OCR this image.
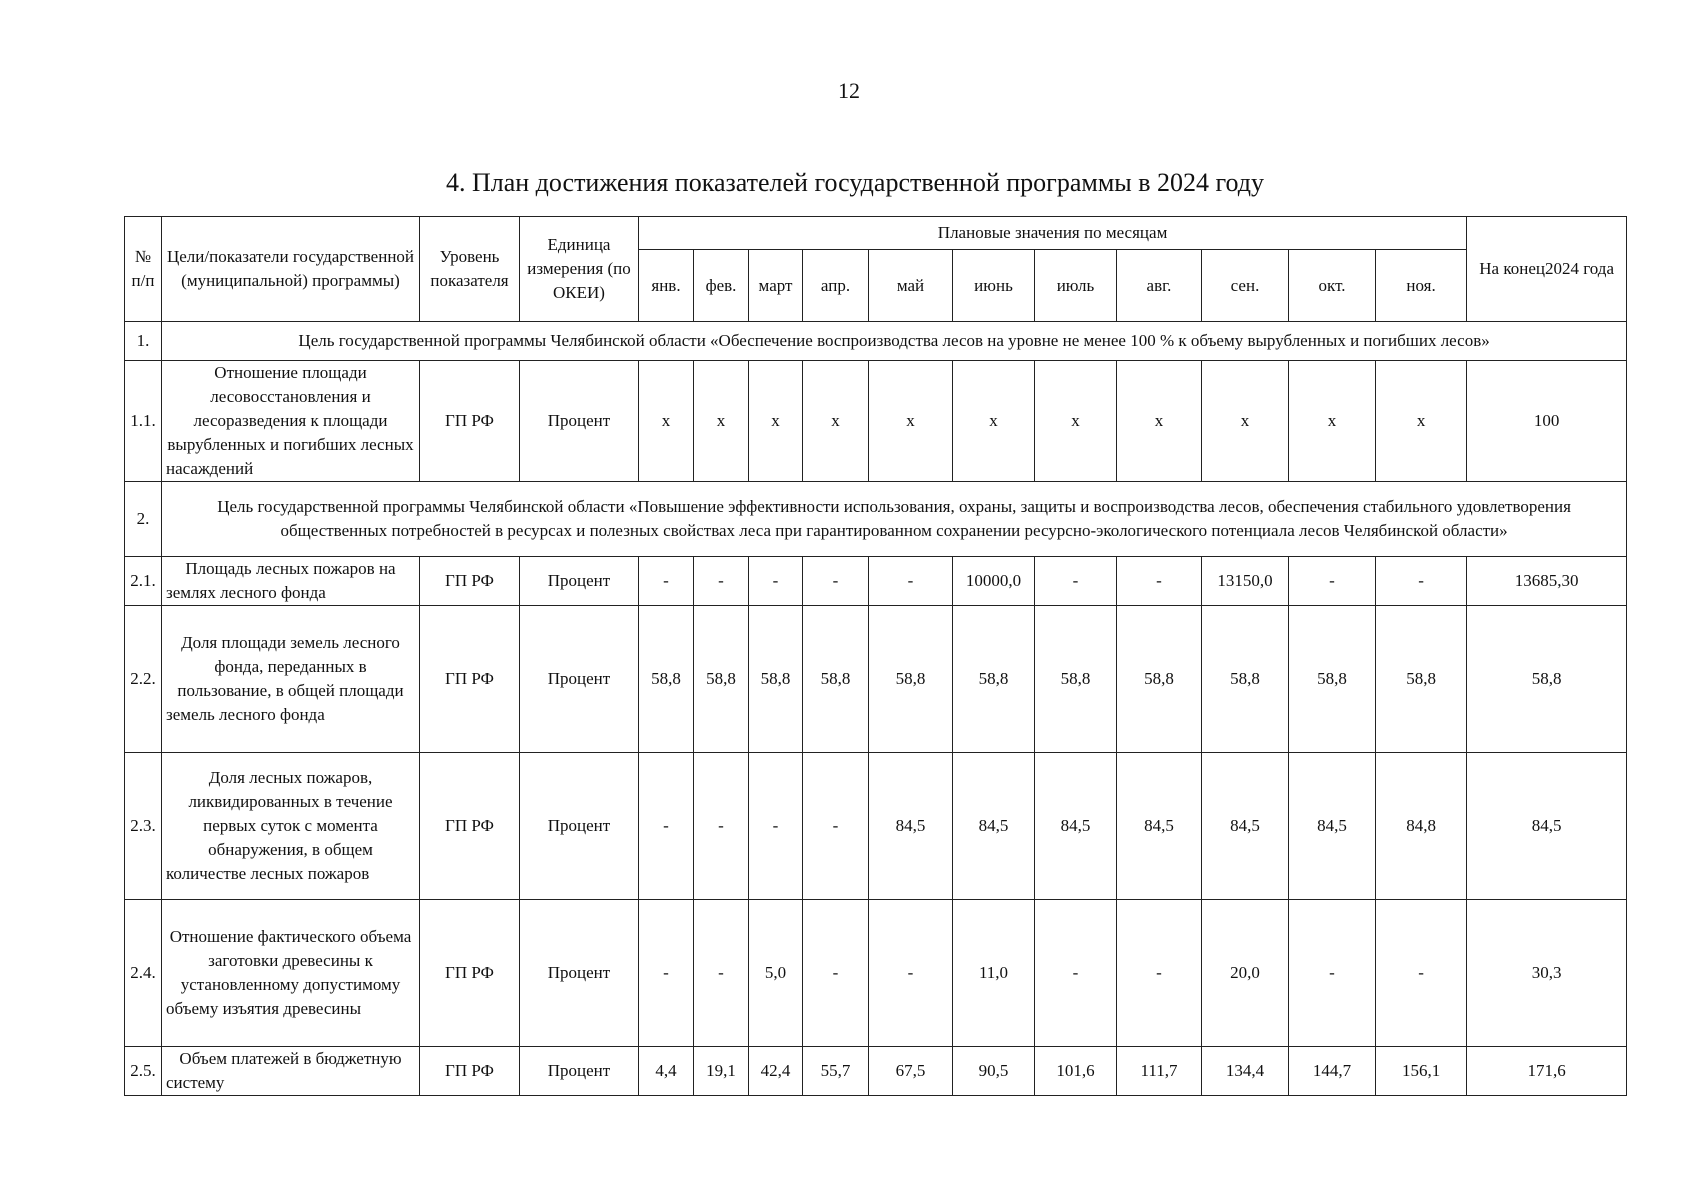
12
4. План достижения показателей государственной программы в 2024 году
№ п/п	Цели/показатели государственной (муниципальной) программы)	Уровень показателя	Единица измерения (по ОКЕИ)	Плановые значения по месяцам											На конец2024 года
				янв.	фев.	март	апр.	май	июнь	июль	авг.	сен.	окт.	ноя.	
1.	Цель государственной программы Челябинской области «Обеспечение воспроизводства лесов на уровне не менее 100 % к объему вырубленных и погибших лесов»														
1.1.	Отношение площади лесовосстановления и лесоразведения к площади вырубленных и погибших лесных насаждений	ГП РФ	Процент	x	x	x	x	x	x	x	x	x	x	x	100
2.	Цель государственной программы Челябинской области «Повышение эффективности использования, охраны, защиты и воспроизводства лесов, обеспечения стабильного удовлетворения общественных потребностей в ресурсах и полезных свойствах леса при гарантированном сохранении ресурсно-экологического потенциала лесов Челябинской области»														
2.1.	Площадь лесных пожаров на землях лесного фонда	ГП РФ	Процент	-	-	-	-	-	10000,0	-	-	13150,0	-	-	13685,30
2.2.	Доля площади земель лесного фонда, переданных в пользование, в общей площади земель лесного фонда	ГП РФ	Процент	58,8	58,8	58,8	58,8	58,8	58,8	58,8	58,8	58,8	58,8	58,8	58,8
2.3.	Доля лесных пожаров, ликвидированных в течение первых суток с момента обнаружения, в общем количестве лесных пожаров	ГП РФ	Процент	-	-	-	-	84,5	84,5	84,5	84,5	84,5	84,5	84,8	84,5
2.4.	Отношение фактического объема заготовки древесины к установленному допустимому объему изъятия древесины	ГП РФ	Процент	-	-	5,0	-	-	11,0	-	-	20,0	-	-	30,3
2.5.	Объем платежей в бюджетную систему	ГП РФ	Процент	4,4	19,1	42,4	55,7	67,5	90,5	101,6	111,7	134,4	144,7	156,1	171,6
